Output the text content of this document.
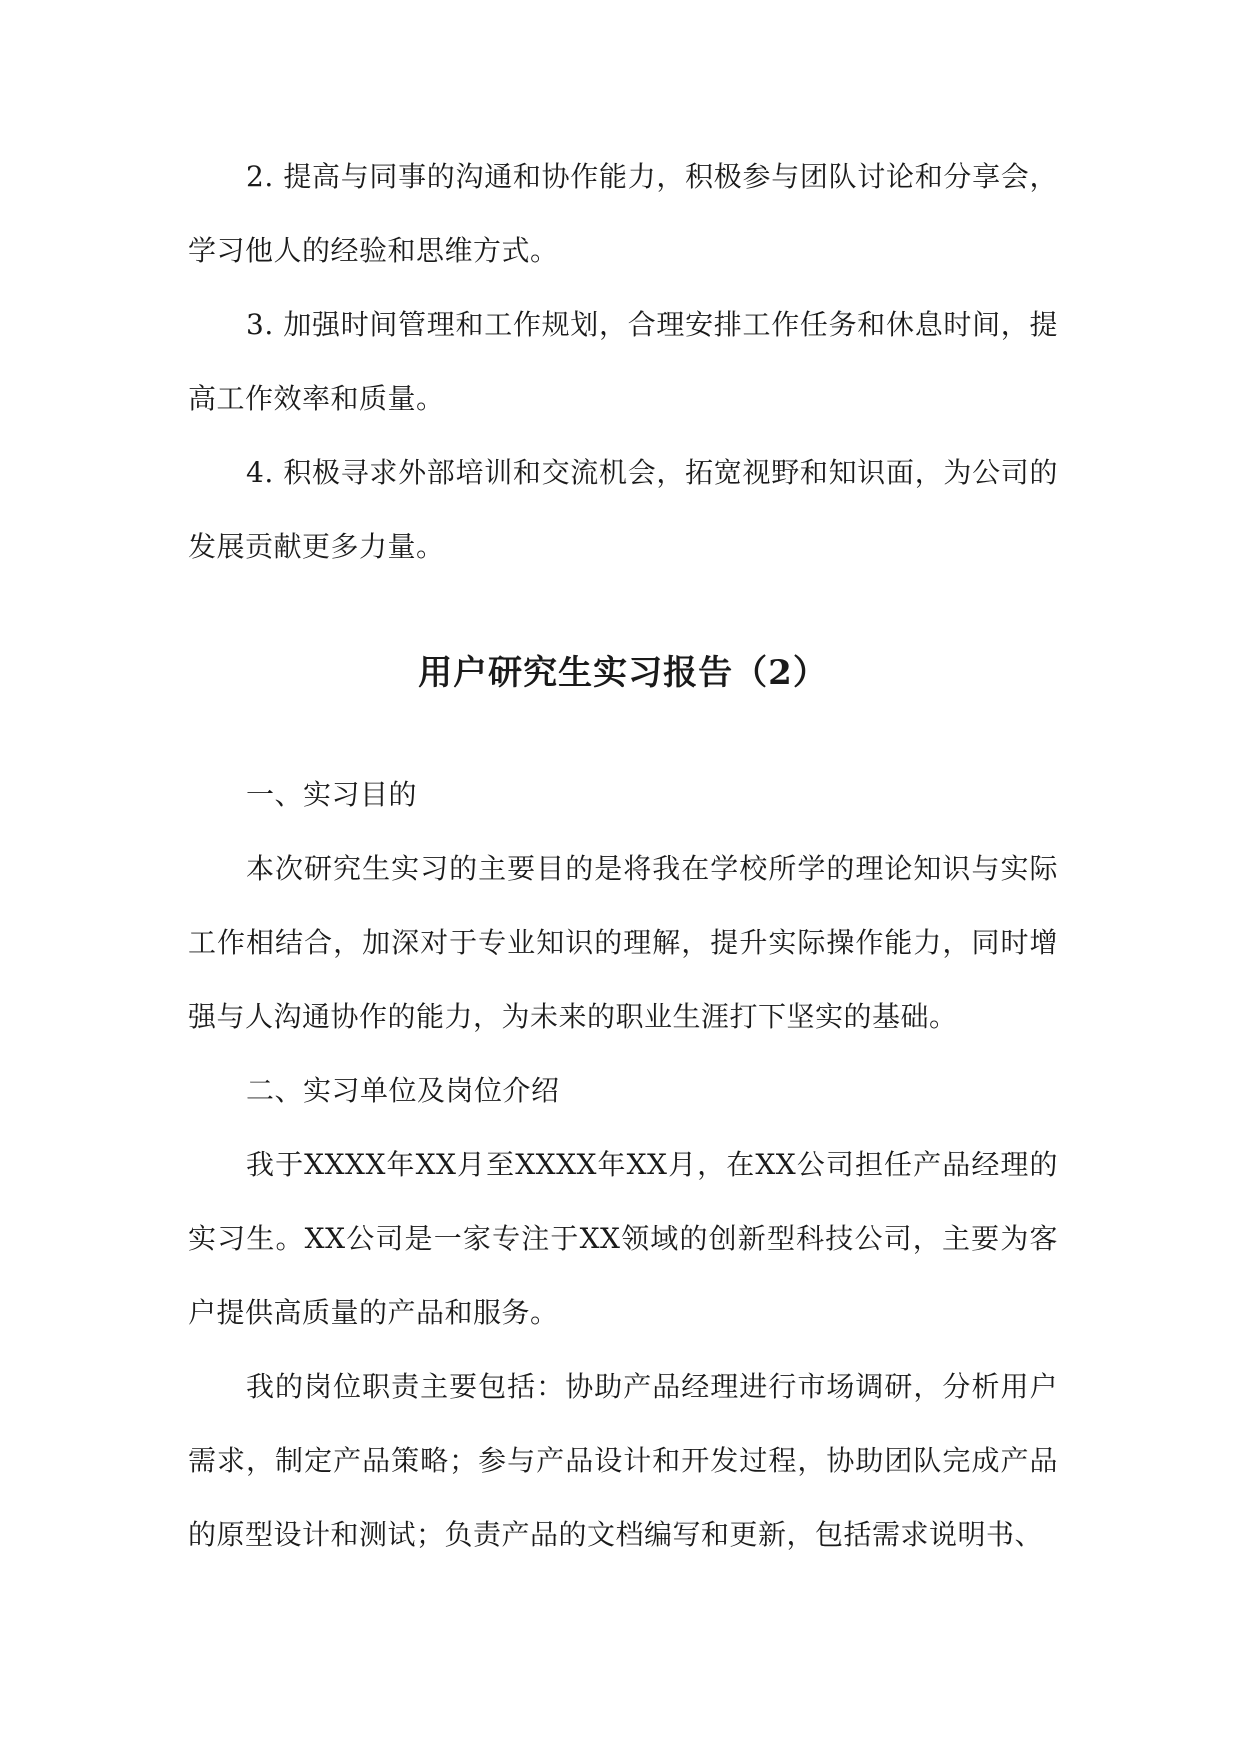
2. 提高与同事的沟通和协作能力，积极参与团队讨论和分享会，学习他人的经验和思维方式。

3. 加强时间管理和工作规划，合理安排工作任务和休息时间，提高工作效率和质量。

4. 积极寻求外部培训和交流机会，拓宽视野和知识面，为公司的发展贡献更多力量。

用户研究生实习报告（2）

一、实习目的

本次研究生实习的主要目的是将我在学校所学的理论知识与实际工作相结合，加深对于专业知识的理解，提升实际操作能力，同时增强与人沟通协作的能力，为未来的职业生涯打下坚实的基础。

二、实习单位及岗位介绍

我于XXXX年XX月至XXXX年XX月，在XX公司担任产品经理的实习生。XX公司是一家专注于XX领域的创新型科技公司，主要为客户提供高质量的产品和服务。

我的岗位职责主要包括：协助产品经理进行市场调研，分析用户需求，制定产品策略；参与产品设计和开发过程，协助团队完成产品的原型设计和测试；负责产品的文档编写和更新，包括需求说明书、
